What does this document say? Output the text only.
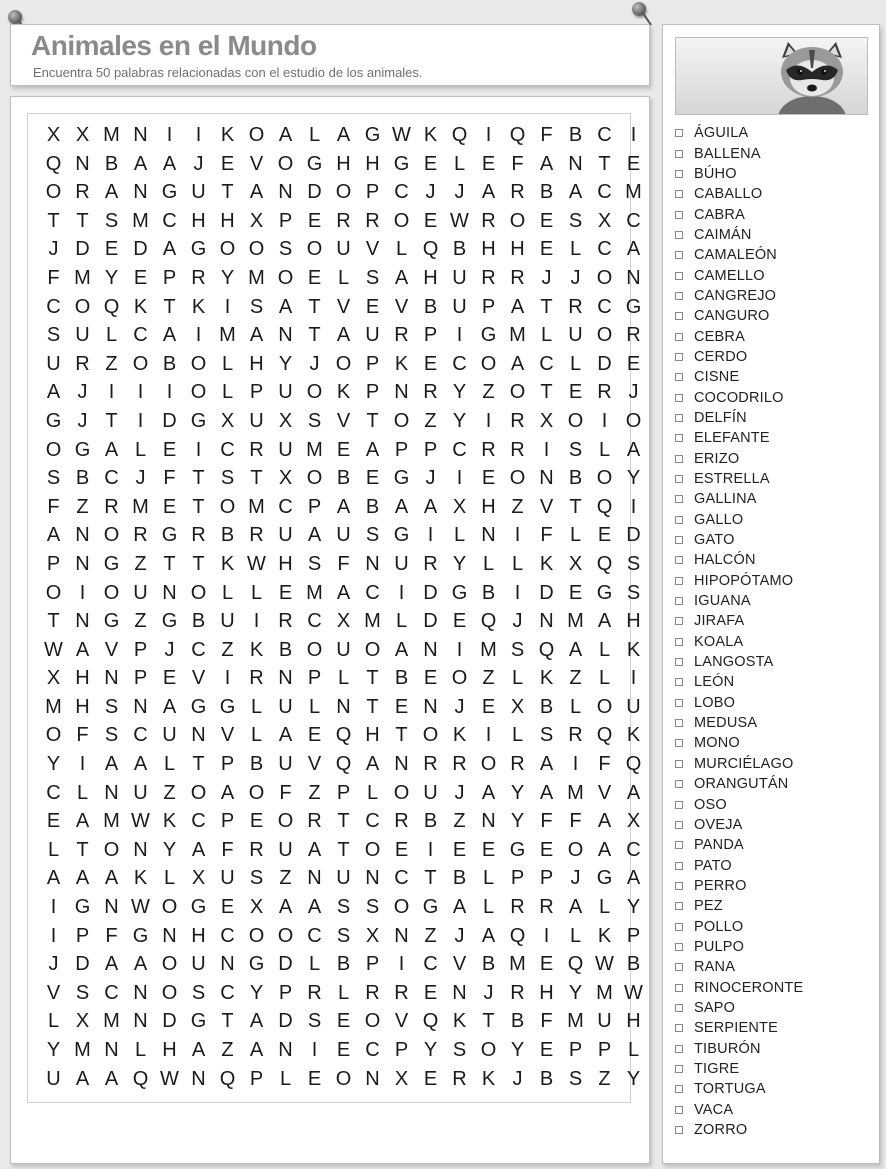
Animales en el Mundo
Encuentra 50 palabras relacionadas con el estudio de los animales.
X X M N I	I K O A L A G W K Q I Q F B C I
Q N B A A J E V O G H H G E L E F A N T E
O R A N G U T A N D O P C J J A R B A C M
T T S M C H H X P E R R O E W R O E S X C
J D E D A G O O S O U V L Q B H H E L C A
F M Y E P R Y M O E L S A H U R R J J O N
C O Q K T K I S A T V E V B U P A T R C G
S U L C A I M A N T A U R P I G M L U O R
U R Z O B O L H Y J O P K E C O A C L D E
A J	I	I	I O L P U O K P N R Y Z O T E R J
G J T	I D G X U X S V T O Z Y I R X O I O
O G A L E I C R U M E A P P C R R I S L A
S B C J F T S T X O B E G J	I E O N B O Y
F Z R M E T O M C P A B A A X H Z V T Q I
A N O R G R B R U A U S G I	L N I	F L E D
P N G Z T T K W H S F N U R Y L L K X Q S
O I O U N O L L E M A C I D G B I D E G S
T N G Z G B U I R C X M L D E Q J N M A H
W A V P J C Z K B O U O A N I M S Q A L K
X H N P E V I R N P L T B E O Z L K Z L	I
M H S N A G G L U L N T E N J E X B L O U
O F S C U N V L A E Q H T O K I	L S R Q K
Y I A A L T P B U V Q A N R R O R A I	F Q
C L N U Z O A O F Z P L O U J A Y A M V A
E A M W K C P E O R T C R B Z N Y F F A X
L T O N Y A F R U A T O E I E E G E O A C
A A A K L X U S Z N U N C T B L P P J G A
I G N W O G E X A A S S O G A L R R A L Y
I P F G N H C O O C S X N Z J A Q I	L K P
J D A A O U N G D L B P I C V B M E Q W B
V S C N O S C Y P R L R R E N J R H Y M W
L X M N D G T A D S E O V Q K T B F M U H
Y M N L H A Z A N I E C P Y S O Y E P P L
U A A Q W N Q P L E O N X E R K J B S Z Y
ÁGUILA
BALLENA
BÚHO
CABALLO
CABRA
CAIMÁN
CAMALEÓN
CAMELLO
CANGREJO
CANGURO
CEBRA
CERDO
CISNE
COCODRILO
DELFÍN
ELEFANTE
ERIZO
ESTRELLA
GALLINA
GALLO
GATO
HALCÓN
HIPOPÓTAMO
IGUANA
JIRAFA
KOALA
LANGOSTA
LEÓN
LOBO
MEDUSA
MONO
MURCIÉLAGO
ORANGUTÁN
OSO
OVEJA
PANDA
PATO
PERRO
PEZ
POLLO
PULPO
RANA
RINOCERONTE
SAPO
SERPIENTE
TIBURÓN
TIGRE
TORTUGA
VACA
ZORRO
